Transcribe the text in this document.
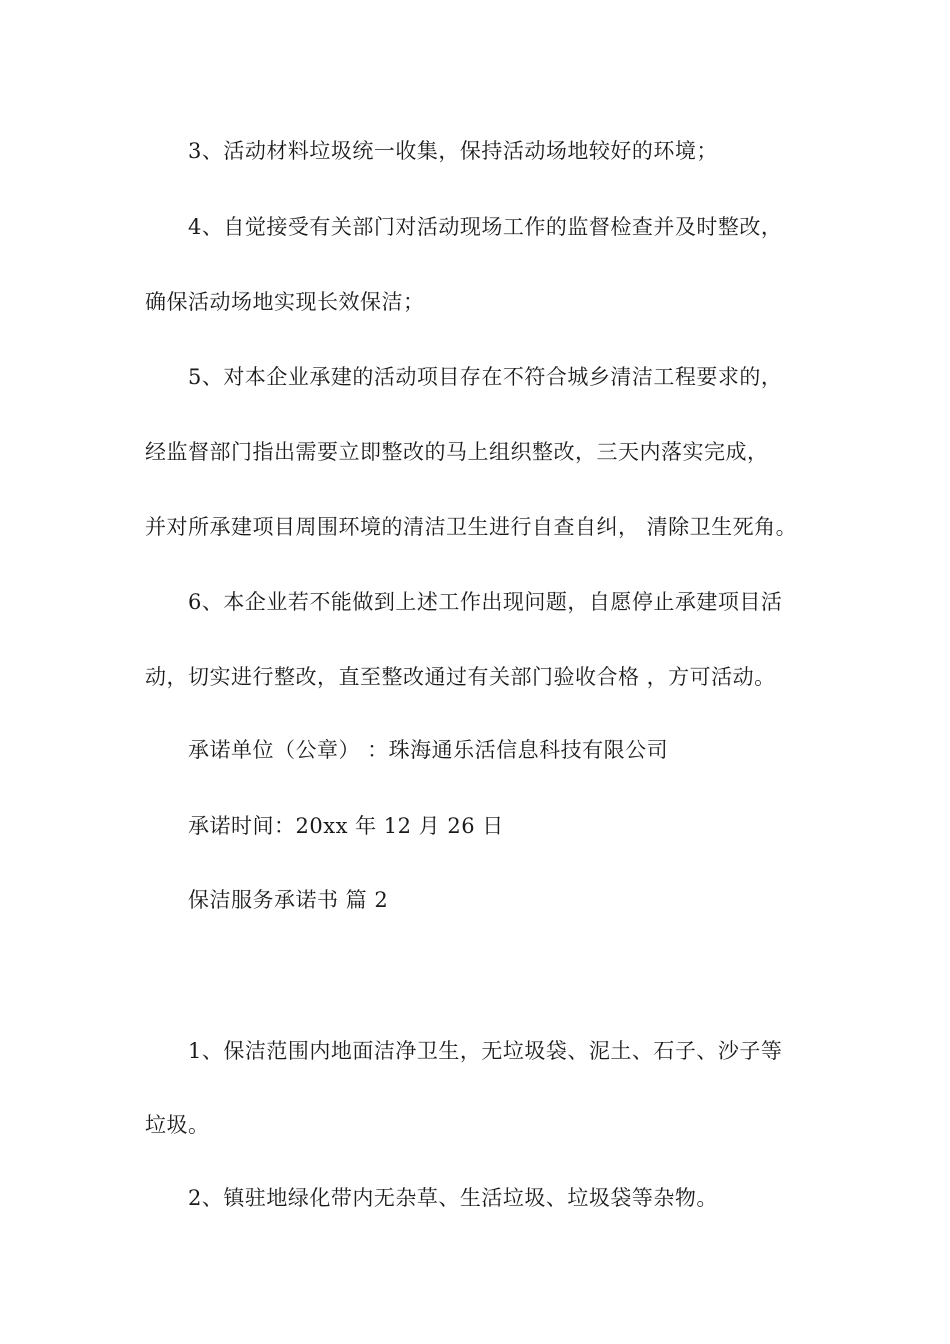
3、活动材料垃圾统一收集，保持活动场地较好的环境；
4、自觉接受有关部门对活动现场工作的监督检查并及时整改，
确保活动场地实现长效保洁；
5、对本企业承建的活动项目存在不符合城乡清洁工程要求的，
经监督部门指出需要立即整改的马上组织整改，三天内落实完成，
并对所承建项目周围环境的清洁卫生进行自查自纠， 清除卫生死角。
6、本企业若不能做到上述工作出现问题，自愿停止承建项目活
动，切实进行整改，直至整改通过有关部门验收合格 ，方可活动。
承诺单位（公章） ：珠海通乐活信息科技有限公司
承诺时间：20xx 年 12 月 26 日
保洁服务承诺书 篇 2
1、保洁范围内地面洁净卫生，无垃圾袋、泥土、石子、沙子等
垃圾。
2、镇驻地绿化带内无杂草、生活垃圾、垃圾袋等杂物。
